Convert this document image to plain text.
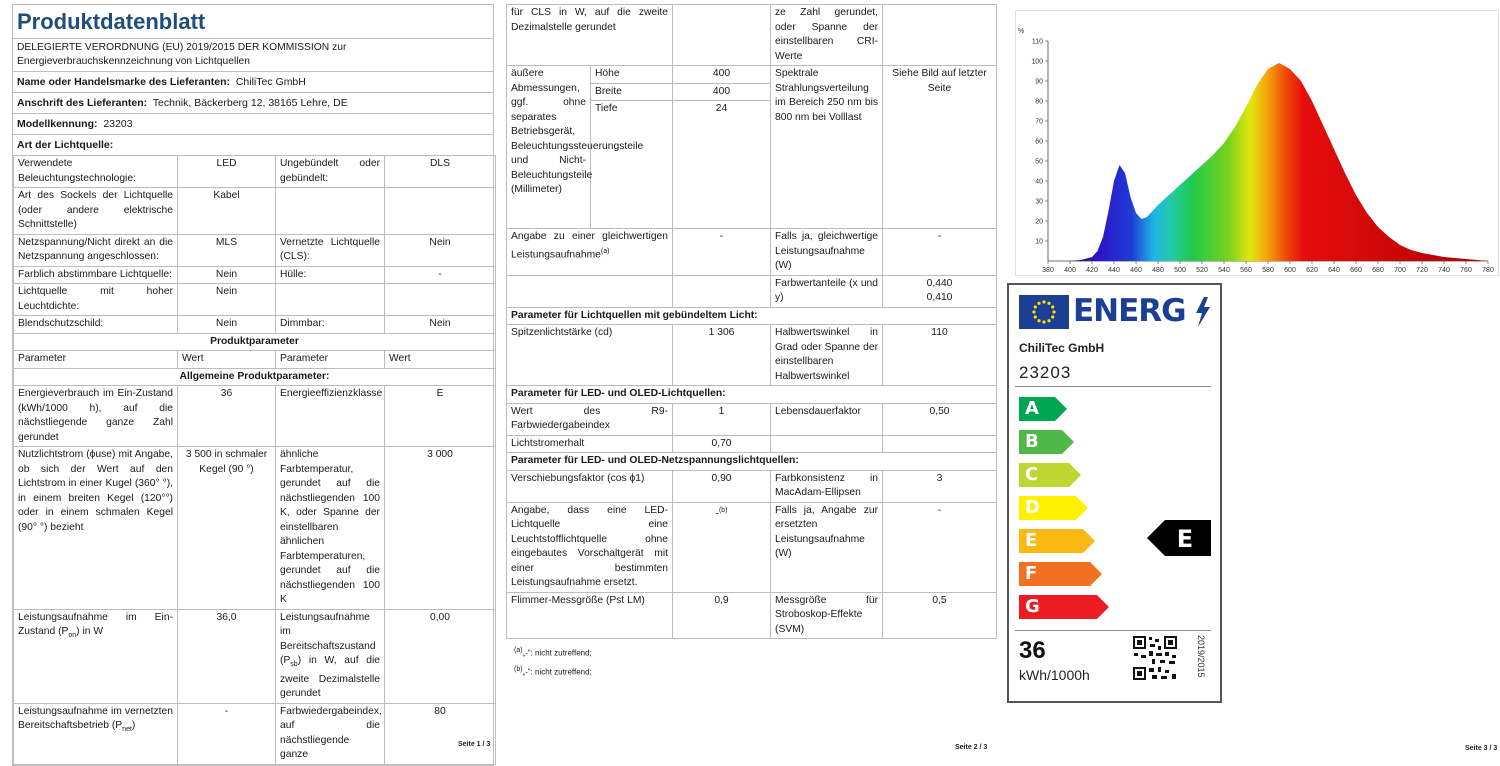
Produktdatenblatt
DELEGIERTE VERORDNUNG (EU) 2019/2015 DER KOMMISSION zur Energieverbrauchskennzeichnung von Lichtquellen
Name oder Handelsmarke des Lieferanten: ChiliTec GmbH
Anschrift des Lieferanten: Technik, Bäckerberg 12, 38165 Lehre, DE
Modellkennung: 23203
Art der Lichtquelle:
Verwendete Beleuchtungstechnologie:	LED	Ungebündelt oder gebündelt:	DLS
Art des Sockels der Lichtquelle (oder andere elektrische Schnittstelle)	Kabel		
Netzspannung/Nicht direkt an die Netzspannung angeschlossen:	MLS	Vernetzte Lichtquelle (CLS):	Nein
Farblich abstimmbare Lichtquelle:	Nein	Hülle:	-
Lichtquelle mit hoher Leuchtdichte:	Nein		
Blendschutzschild:	Nein	Dimmbar:	Nein
Produktparameter			
Parameter	Wert	Parameter	Wert
Allgemeine Produktparameter:			
Energieverbrauch im Ein-Zustand (kWh/1000 h), auf die nächstliegende ganze Zahl gerundet	36	Energieeffizienzklasse	E
Nutzlichtstrom (ϕuse) mit Angabe, ob sich der Wert auf den Lichtstrom in einer Kugel (360° °), in einem breiten Kegel (120°°) oder in einem schmalen Kegel (90° °) bezieht	3 500 in schmaler Kegel (90 °)	ähnliche Farbtemperatur, gerundet auf die nächstliegenden 100 K, oder Spanne der einstellbaren ähnlichen Farbtemperaturen, gerundet auf die nächstliegenden 100 K	3 000
Leistungsaufnahme im Ein-Zustand $(P_{on})$ in W	36,0	Leistungsaufnahme im Bereitschaftszustand $(P_{sb})$ in W, auf die zweite Dezimalstelle gerundet	0,00
Leistungsaufnahme im vernetzten Bereitschaftsbetrieb $(P_{net})$	-	Farbwiedergabeindex, auf die nächstliegende ganze	80
Seite 1 / 3
für CLS in W, auf die zweite Dezimalstelle gerundet			ze Zahl gerundet, oder Spanne der einstellbaren CRI-Werte	
äußere Abmessungen, ggf. ohne separates Betriebsgerät, Beleuchtungssteuerungsteile und Nicht-Beleuchtungsteile (Millimeter)	Höhe	400	Spektrale Strahlungsverteilung im Bereich 250 nm bis 800 nm bei Volllast	Siehe Bild auf letzter Seite
	Breite	400		
	Tiefe	24		
Angabe zu einer gleichwertigen Leistungsaufnahme$^{(a)}$		-	Falls ja, gleichwertige Leistungsaufnahme (W)	-
			Farbwertanteile (x und y)	0,440
0,410

Parameter für Lichtquellen mit gebündeltem Licht:				
Spitzenlichtstärke (cd)		1 306	Halbwertswinkel in Grad oder Spanne der einstellbaren Halbwertswinkel	110
Parameter für LED- und OLED-Lichtquellen:				
Wert des R9-Farbwiedergabeindex		1	Lebensdauerfaktor	0,50
Lichtstromerhalt		0,70		
Parameter für LED- und OLED-Netzspannungslichtquellen:				
Verschiebungsfaktor (cos ϕ1)		0,90	Farbkonsistenz in MacAdam-Ellipsen	3
Angabe, dass eine LED-Lichtquelle eine Leuchtstofflichtquelle ohne eingebautes Vorschaltgerät mit einer bestimmten Leistungsaufnahme ersetzt.		-$^{(b)}$	Falls ja, Angabe zur ersetzten Leistungsaufnahme (W)	-
Flimmer-Messgröße (Pst LM)		0,9	Messgröße für Stroboskop-Effekte (SVM)	0,5
$^{(a)}$„-“: nicht zutreffend;
$^{(b)}$„-“: nicht zutreffend;
Seite 2 / 3
380 400 420 440 460 480 500 520 540 560 580 600 620 640 660 680 700 720 740 760 780
10
20
30
40
50
60
70
80
90
100
110
%
ENERG
ChiliTec GmbH
23203
A
B
C
D
E
F
G
E
36
kWh/1000h	2019/2015
Seite 3 / 3
